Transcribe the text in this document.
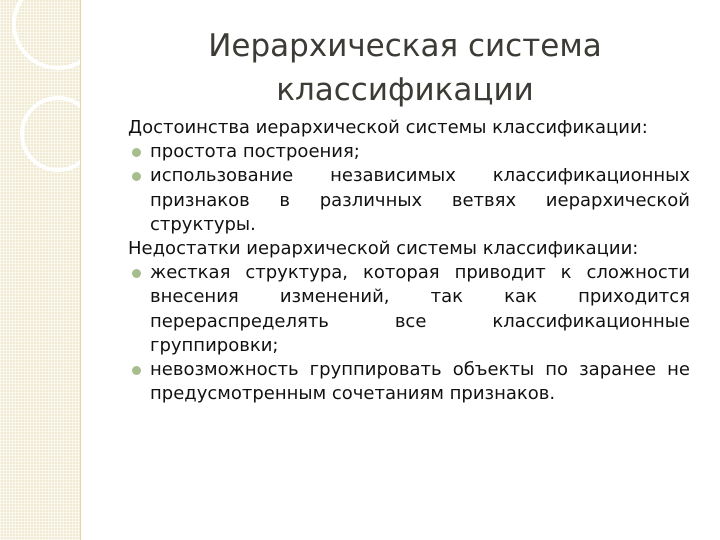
Иерархическая система
классификации

Достоинства иерархической системы классификации:

простота построения;
использование независимых классификационных признаков в различных ветвях иерархической структуры.

Недостатки иерархической системы классификации:

жесткая структура, которая приводит к сложности внесения изменений, так как приходится перераспределять все классификационные группировки;
невозможность группировать объекты по заранее не предусмотренным сочетаниям признаков.
